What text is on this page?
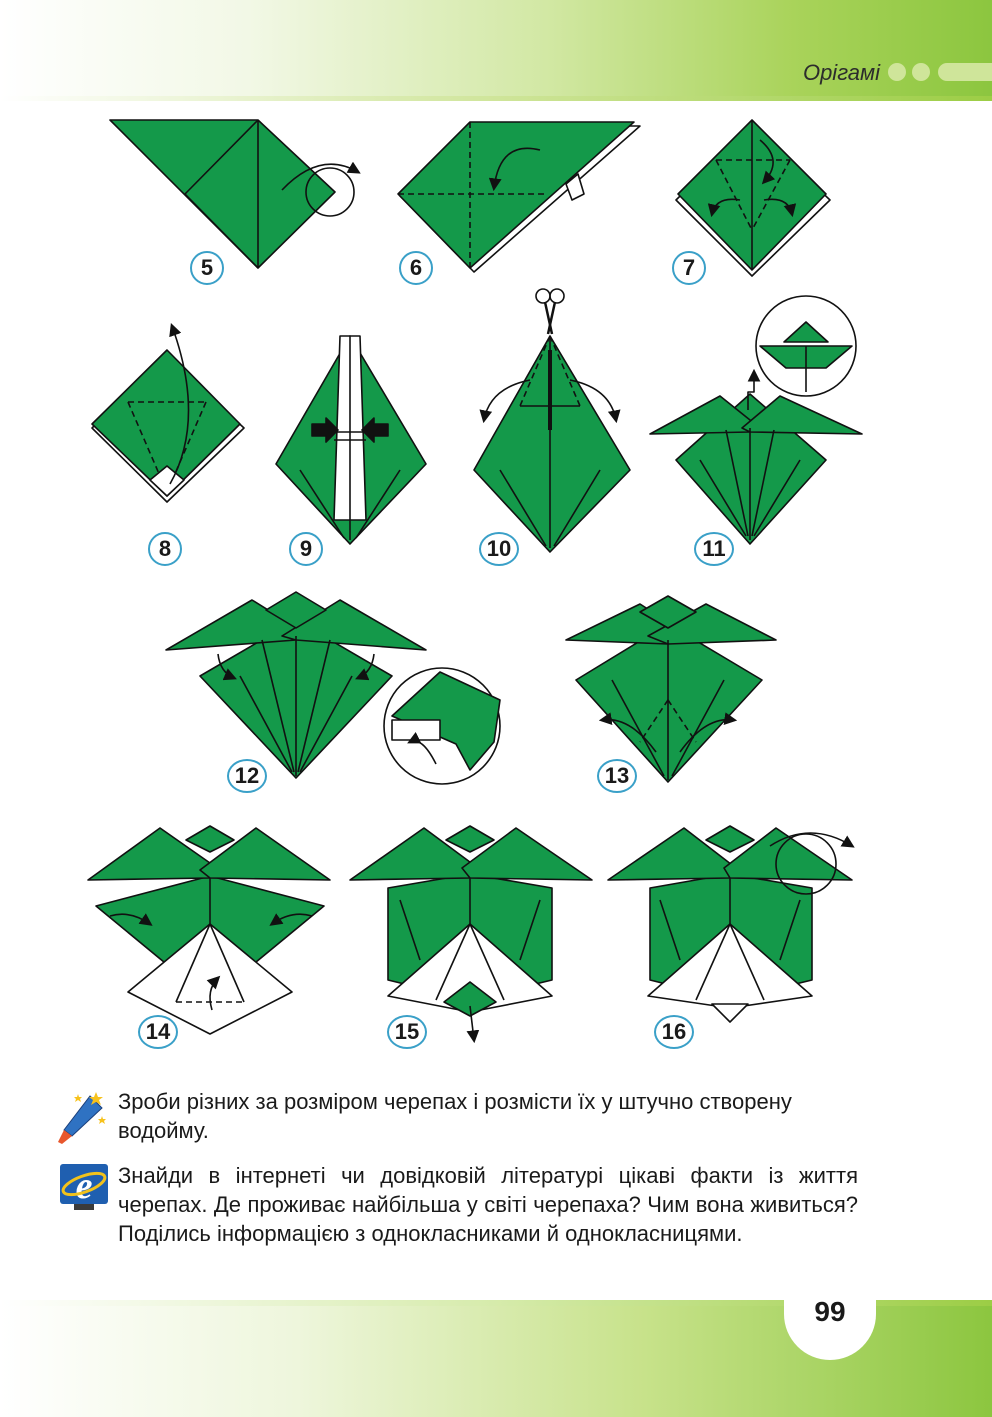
Орігамі
5	6	7
8	9	10	11
12	13
14	15	16
Зроби різних за розміром черепах і розмісти їх у штучно створену водойму.
e Знайди в інтернеті чи довідковій літературі цікаві факти із життя черепах. Де проживає найбільша у світі черепаха? Чим вона живиться? Поділись інформацією з однокласниками й однокласницями.
99
